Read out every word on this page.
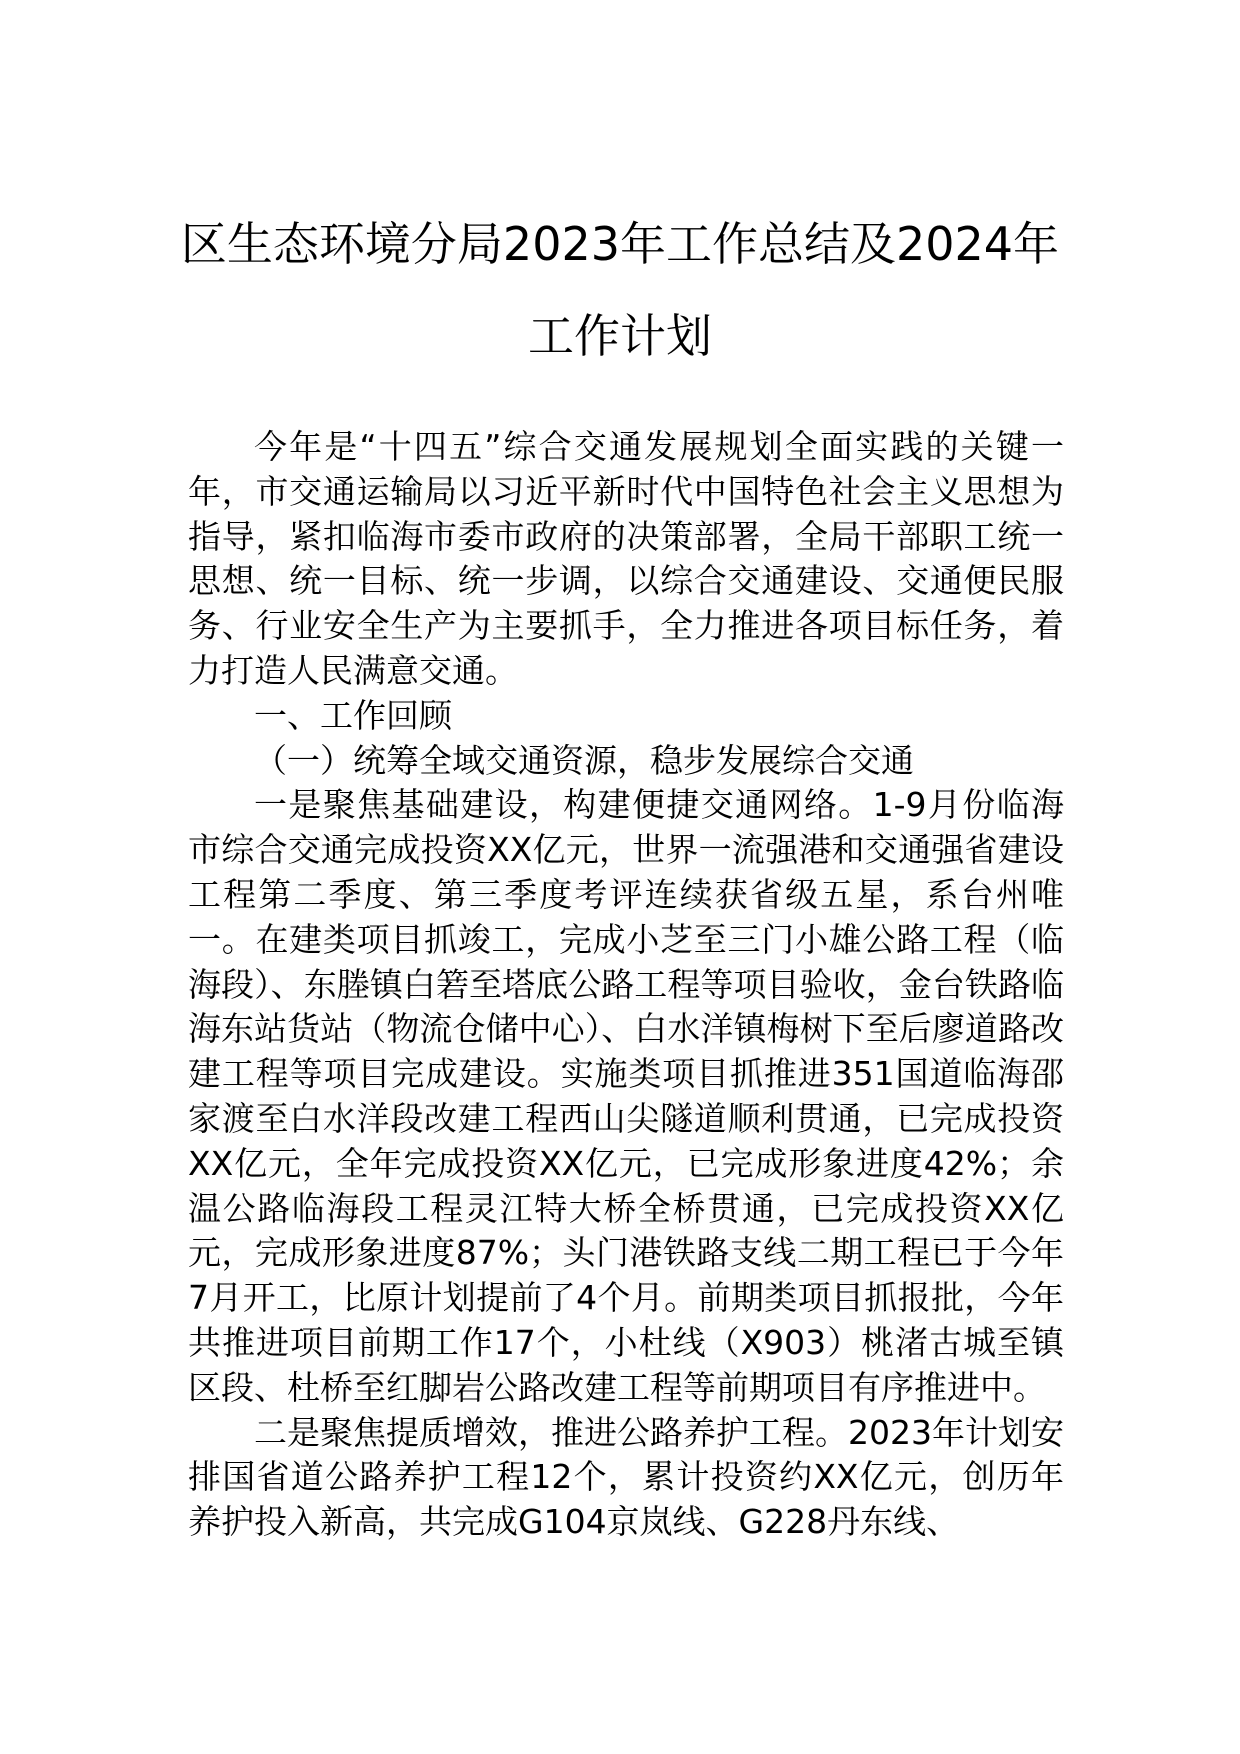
区生态环境分局2023年工作总结及2024年
工作计划

今年是“十四五”综合交通发展规划全面实践的关键一年，市交通运输局以习近平新时代中国特色社会主义思想为指导，紧扣临海市委市政府的决策部署，全局干部职工统一思想、统一目标、统一步调，以综合交通建设、交通便民服务、行业安全生产为主要抓手，全力推进各项目标任务，着力打造人民满意交通。

一、工作回顾

（一）统筹全域交通资源，稳步发展综合交通

一是聚焦基础建设，构建便捷交通网络。1-9月份临海市综合交通完成投资XX亿元，世界一流强港和交通强省建设工程第二季度、第三季度考评连续获省级五星，系台州唯一。在建类项目抓竣工，完成小芝至三门小雄公路工程（临海段）、东塍镇白箬至塔底公路工程等项目验收，金台铁路临海东站货站（物流仓储中心）、白水洋镇梅树下至后廖道路改建工程等项目完成建设。实施类项目抓推进351国道临海邵家渡至白水洋段改建工程西山尖隧道顺利贯通，已完成投资XX亿元，全年完成投资XX亿元，已完成形象进度42%；余温公路临海段工程灵江特大桥全桥贯通，已完成投资XX亿元，完成形象进度87%；头门港铁路支线二期工程已于今年7月开工，比原计划提前了4个月。前期类项目抓报批，今年共推进项目前期工作17个，小杜线（X903）桃渚古城至镇区段、杜桥至红脚岩公路改建工程等前期项目有序推进中。

二是聚焦提质增效，推进公路养护工程。2023年计划安排国省道公路养护工程12个，累计投资约XX亿元，创历年养护投入新高，共完成G104京岚线、G228丹东线、
